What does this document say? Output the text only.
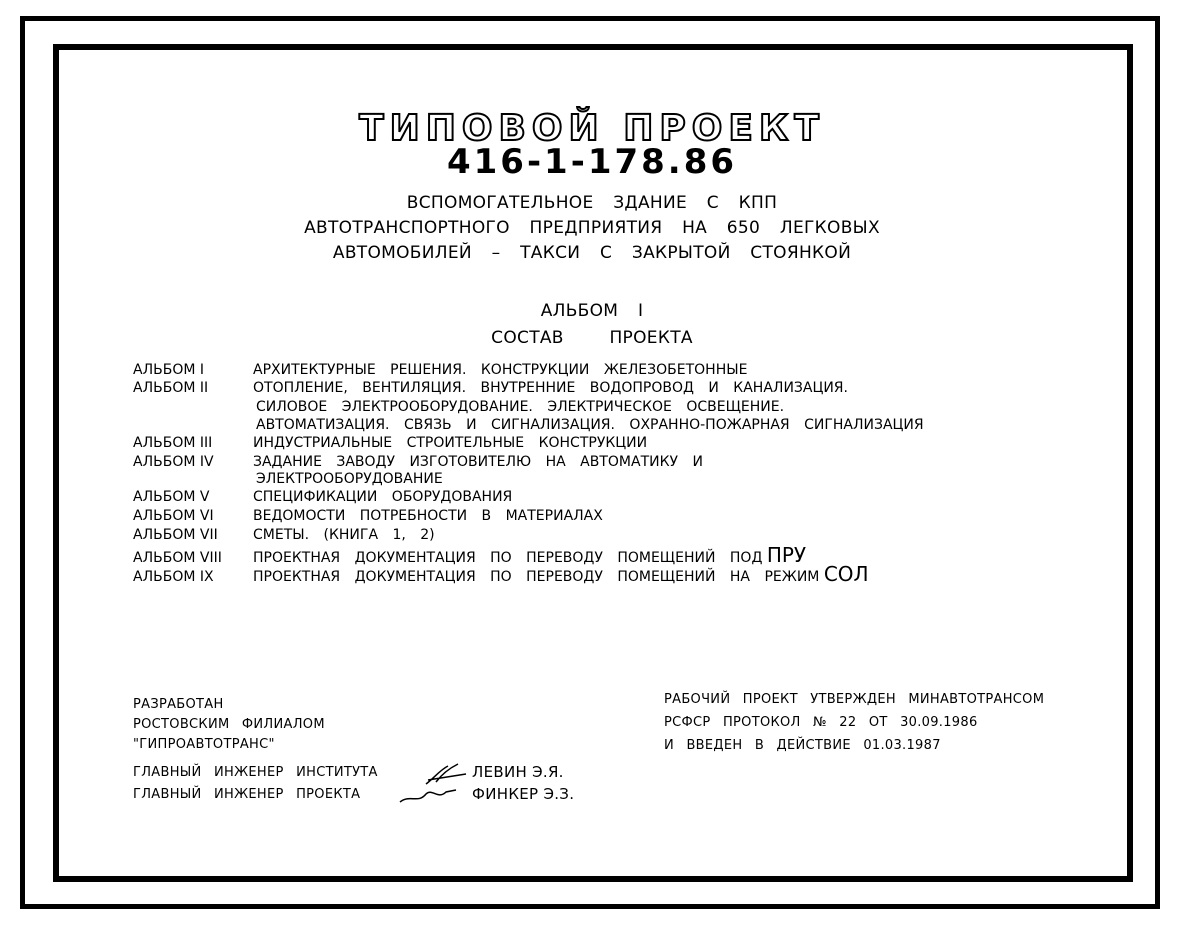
ТИПОВОЙ ПРОЕКТ
416-1-178.86
ВСПОМОГАТЕЛЬНОЕ ЗДАНИЕ С КПП
АВТОТРАНСПОРТНОГО ПРЕДПРИЯТИЯ НА 650 ЛЕГКОВЫХ
АВТОМОБИЛЕЙ – ТАКСИ С ЗАКРЫТОЙ СТОЯНКОЙ
АЛЬБОМ I
СОСТАВ ПРОЕКТА
АЛЬБОМ I	АРХИТЕКТУРНЫЕ РЕШЕНИЯ. КОНСТРУКЦИИ ЖЕЛЕЗОБЕТОННЫЕ
АЛЬБОМ II	ОТОПЛЕНИЕ, ВЕНТИЛЯЦИЯ. ВНУТРЕННИЕ ВОДОПРОВОД И КАНАЛИЗАЦИЯ.
СИЛОВОЕ ЭЛЕКТРООБОРУДОВАНИЕ. ЭЛЕКТРИЧЕСКОЕ ОСВЕЩЕНИЕ.
АВТОМАТИЗАЦИЯ. СВЯЗЬ И СИГНАЛИЗАЦИЯ. ОХРАННО-ПОЖАРНАЯ СИГНАЛИЗАЦИЯ
АЛЬБОМ III	ИНДУСТРИАЛЬНЫЕ СТРОИТЕЛЬНЫЕ КОНСТРУКЦИИ
АЛЬБОМ IV	ЗАДАНИЕ ЗАВОДУ ИЗГОТОВИТЕЛЮ НА АВТОМАТИКУ И
ЭЛЕКТРООБОРУДОВАНИЕ
АЛЬБОМ V	СПЕЦИФИКАЦИИ ОБОРУДОВАНИЯ
АЛЬБОМ VI	ВЕДОМОСТИ ПОТРЕБНОСТИ В МАТЕРИАЛАХ
АЛЬБОМ VII	СМЕТЫ. (КНИГА 1, 2)
АЛЬБОМ VIII ПРОЕКТНАЯ ДОКУМЕНТАЦИЯ ПО ПЕРЕВОДУ ПОМЕЩЕНИЙ ПОД ПРУ
АЛЬБОМ IX	ПРОЕКТНАЯ ДОКУМЕНТАЦИЯ ПО ПЕРЕВОДУ ПОМЕЩЕНИЙ НА РЕЖИМ СОЛ
РАЗРАБОТАН
РОСТОВСКИМ ФИЛИАЛОМ
"ГИПРОАВТОТРАНС"
РАБОЧИЙ ПРОЕКТ УТВЕРЖДЕН МИНАВТОТРАНСОМ
РСФСР ПРОТОКОЛ № 22 ОТ 30.09.1986
И ВВЕДЕН В ДЕЙСТВИЕ 01.03.1987
ГЛАВНЫЙ ИНЖЕНЕР ИНСТИТУТА	ЛЕВИН Э.Я.
ГЛАВНЫЙ ИНЖЕНЕР ПРОЕКТА	ФИНКЕР Э.З.
